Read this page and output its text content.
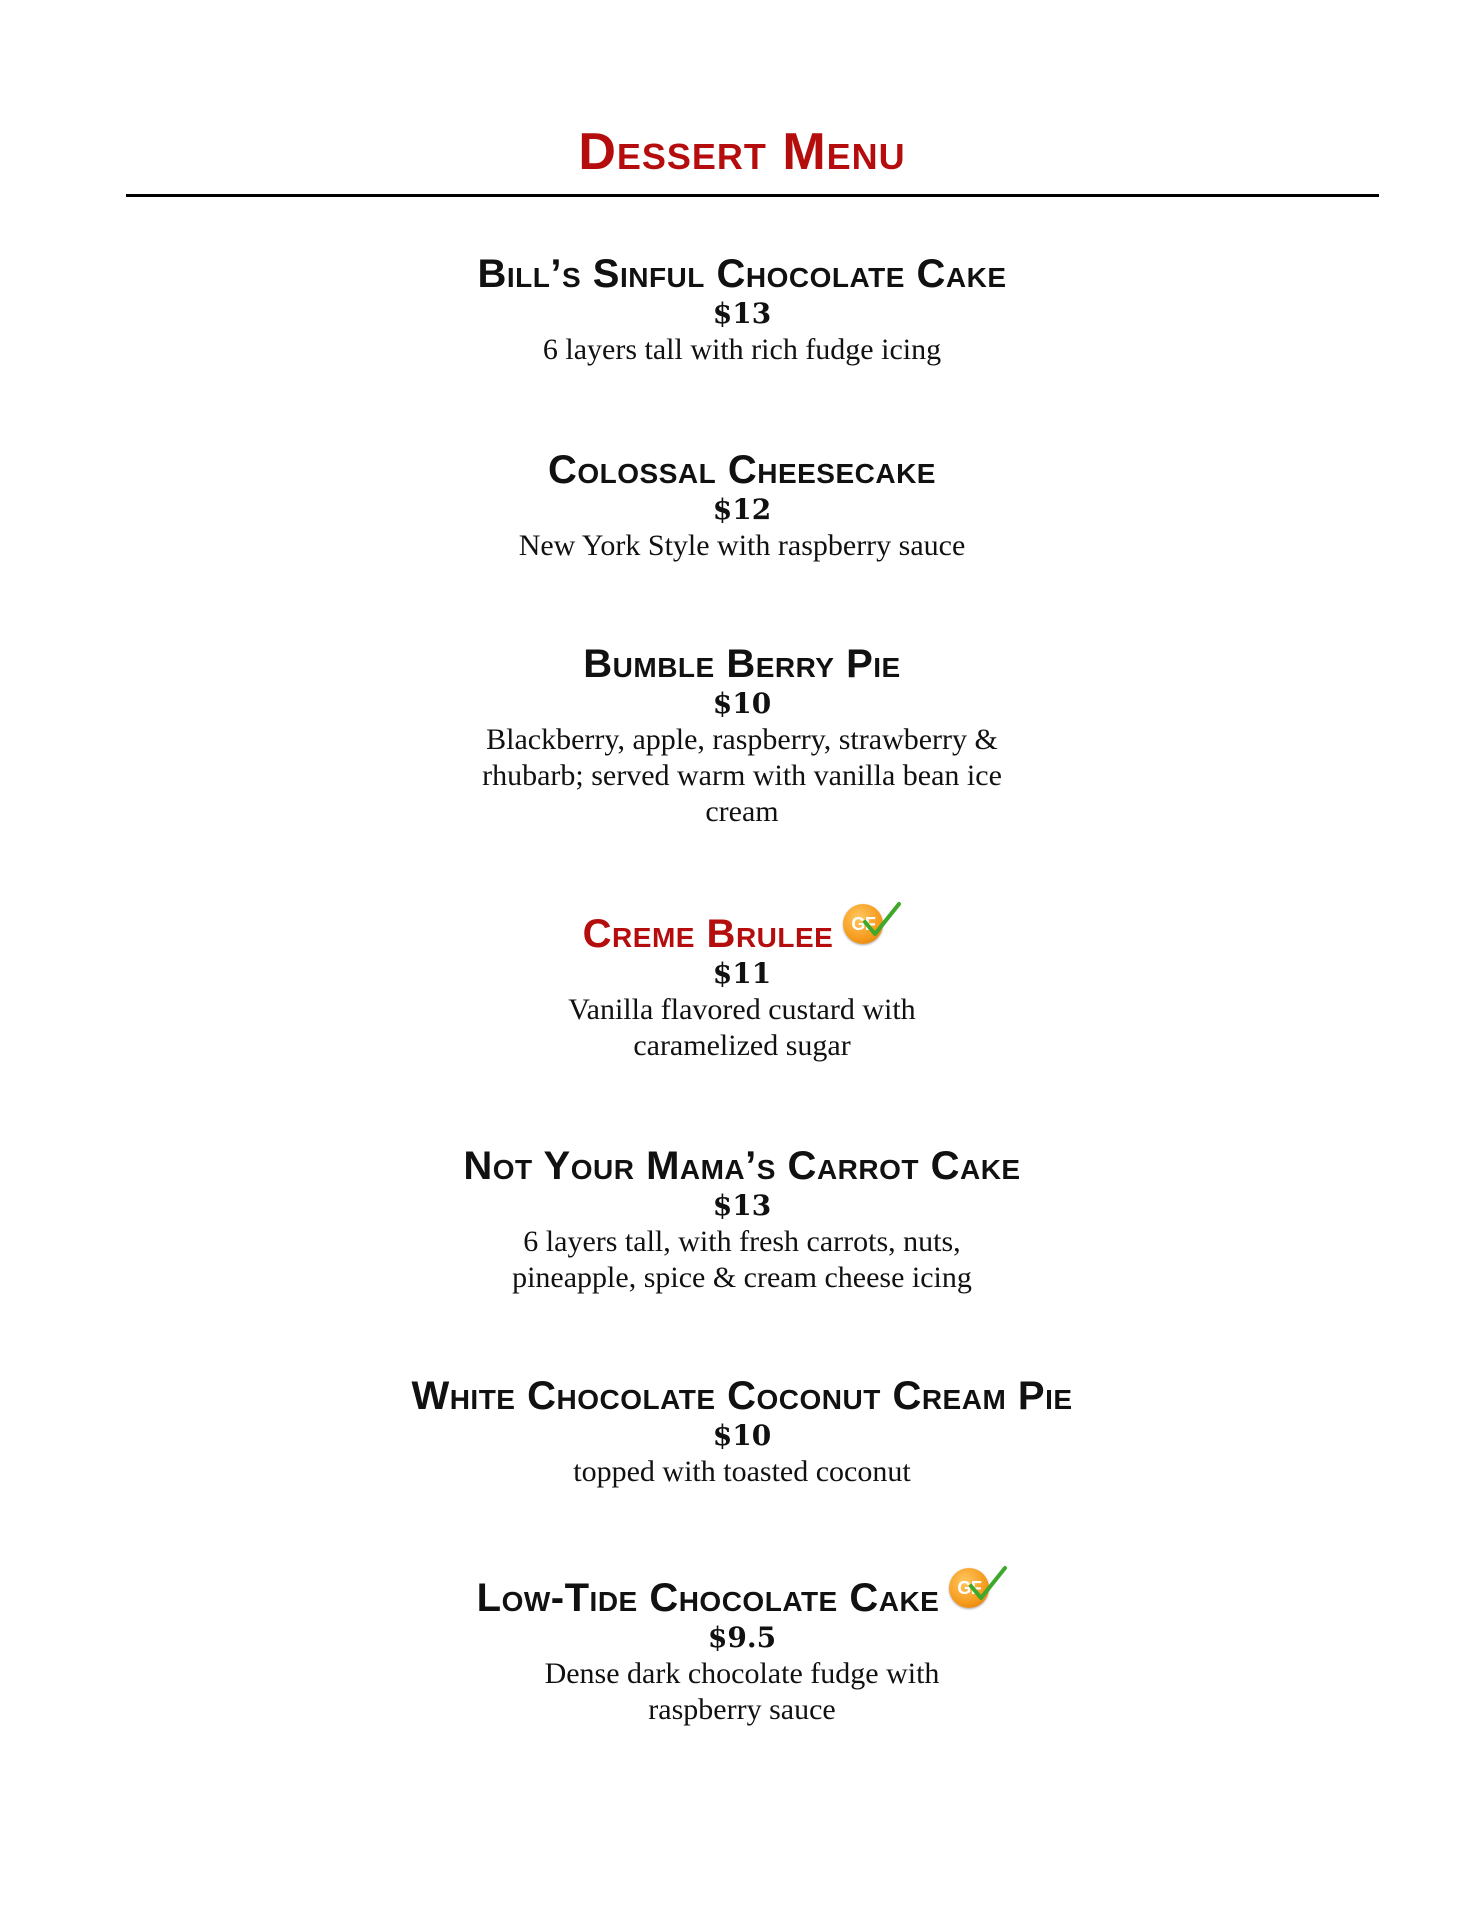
Dessert Menu
Bill’s Sinful Chocolate Cake
$13
6 layers tall with rich fudge icing
Colossal Cheesecake
$12
New York Style with raspberry sauce
Bumble Berry Pie
$10
Blackberry, apple, raspberry, strawberry & rhubarb; served warm with vanilla bean ice cream
Creme Brulee	GF
$11
Vanilla flavored custard with caramelized sugar
Not Your Mama’s Carrot Cake
$13
6 layers tall, with fresh carrots, nuts, pineapple, spice & cream cheese icing
White Chocolate Coconut Cream Pie
$10
topped with toasted coconut
Low-Tide Chocolate Cake	GF
$9.5
Dense dark chocolate fudge with raspberry sauce
